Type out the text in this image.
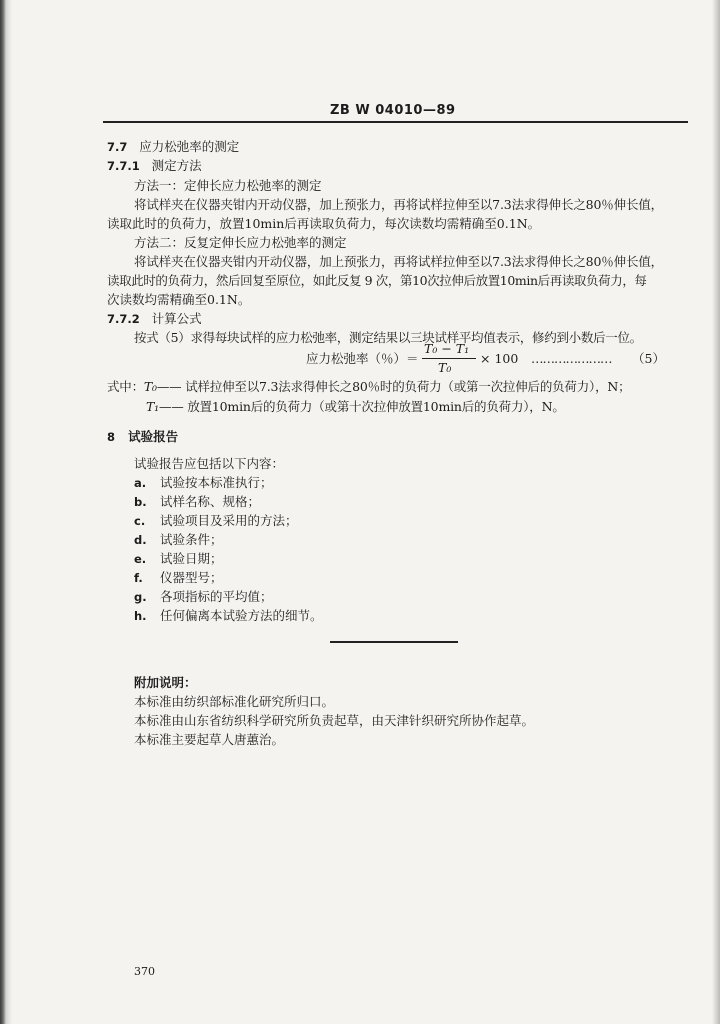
ZB W 04010—89
7.7 应力松弛率的测定
7.7.1 测定方法
方法一：定伸长应力松弛率的测定
将试样夹在仪器夹钳内开动仪器，加上预张力，再将试样拉伸至以7.3法求得伸长之80％伸长值，
读取此时的负荷力，放置10min后再读取负荷力，每次读数均需精确至0.1N。
方法二：反复定伸长应力松弛率的测定
将试样夹在仪器夹钳内开动仪器，加上预张力，再将试样拉伸至以7.3法求得伸长之80％伸长值，
读取此时的负荷力，然后回复至原位，如此反复 9 次，第10次拉伸后放置10min后再读取负荷力，每
次读数均需精确至0.1N。
7.7.2 计算公式
按式（5）求得每块试样的应力松弛率，测定结果以三块试样平均值表示，修约到小数后一位。
应力松弛率（％）＝
T₀ − T₁
T₀
× 100 ………………… （5）
式中：T₀—— 试样拉伸至以7.3法求得伸长之80％时的负荷力（或第一次拉伸后的负荷力），N；
T₁—— 放置10min后的负荷力（或第十次拉伸放置10min后的负荷力），N。
8 试验报告
试验报告应包括以下内容：
a. 试验按本标准执行；
b. 试样名称、规格；
c. 试验项目及采用的方法；
d. 试验条件；
e. 试验日期；
f. 仪器型号；
g. 各项指标的平均值；
h. 任何偏离本试验方法的细节。
附加说明：
本标准由纺织部标准化研究所归口。
本标准由山东省纺织科学研究所负责起草，由天津针织研究所协作起草。
本标准主要起草人唐蕙治。
370
